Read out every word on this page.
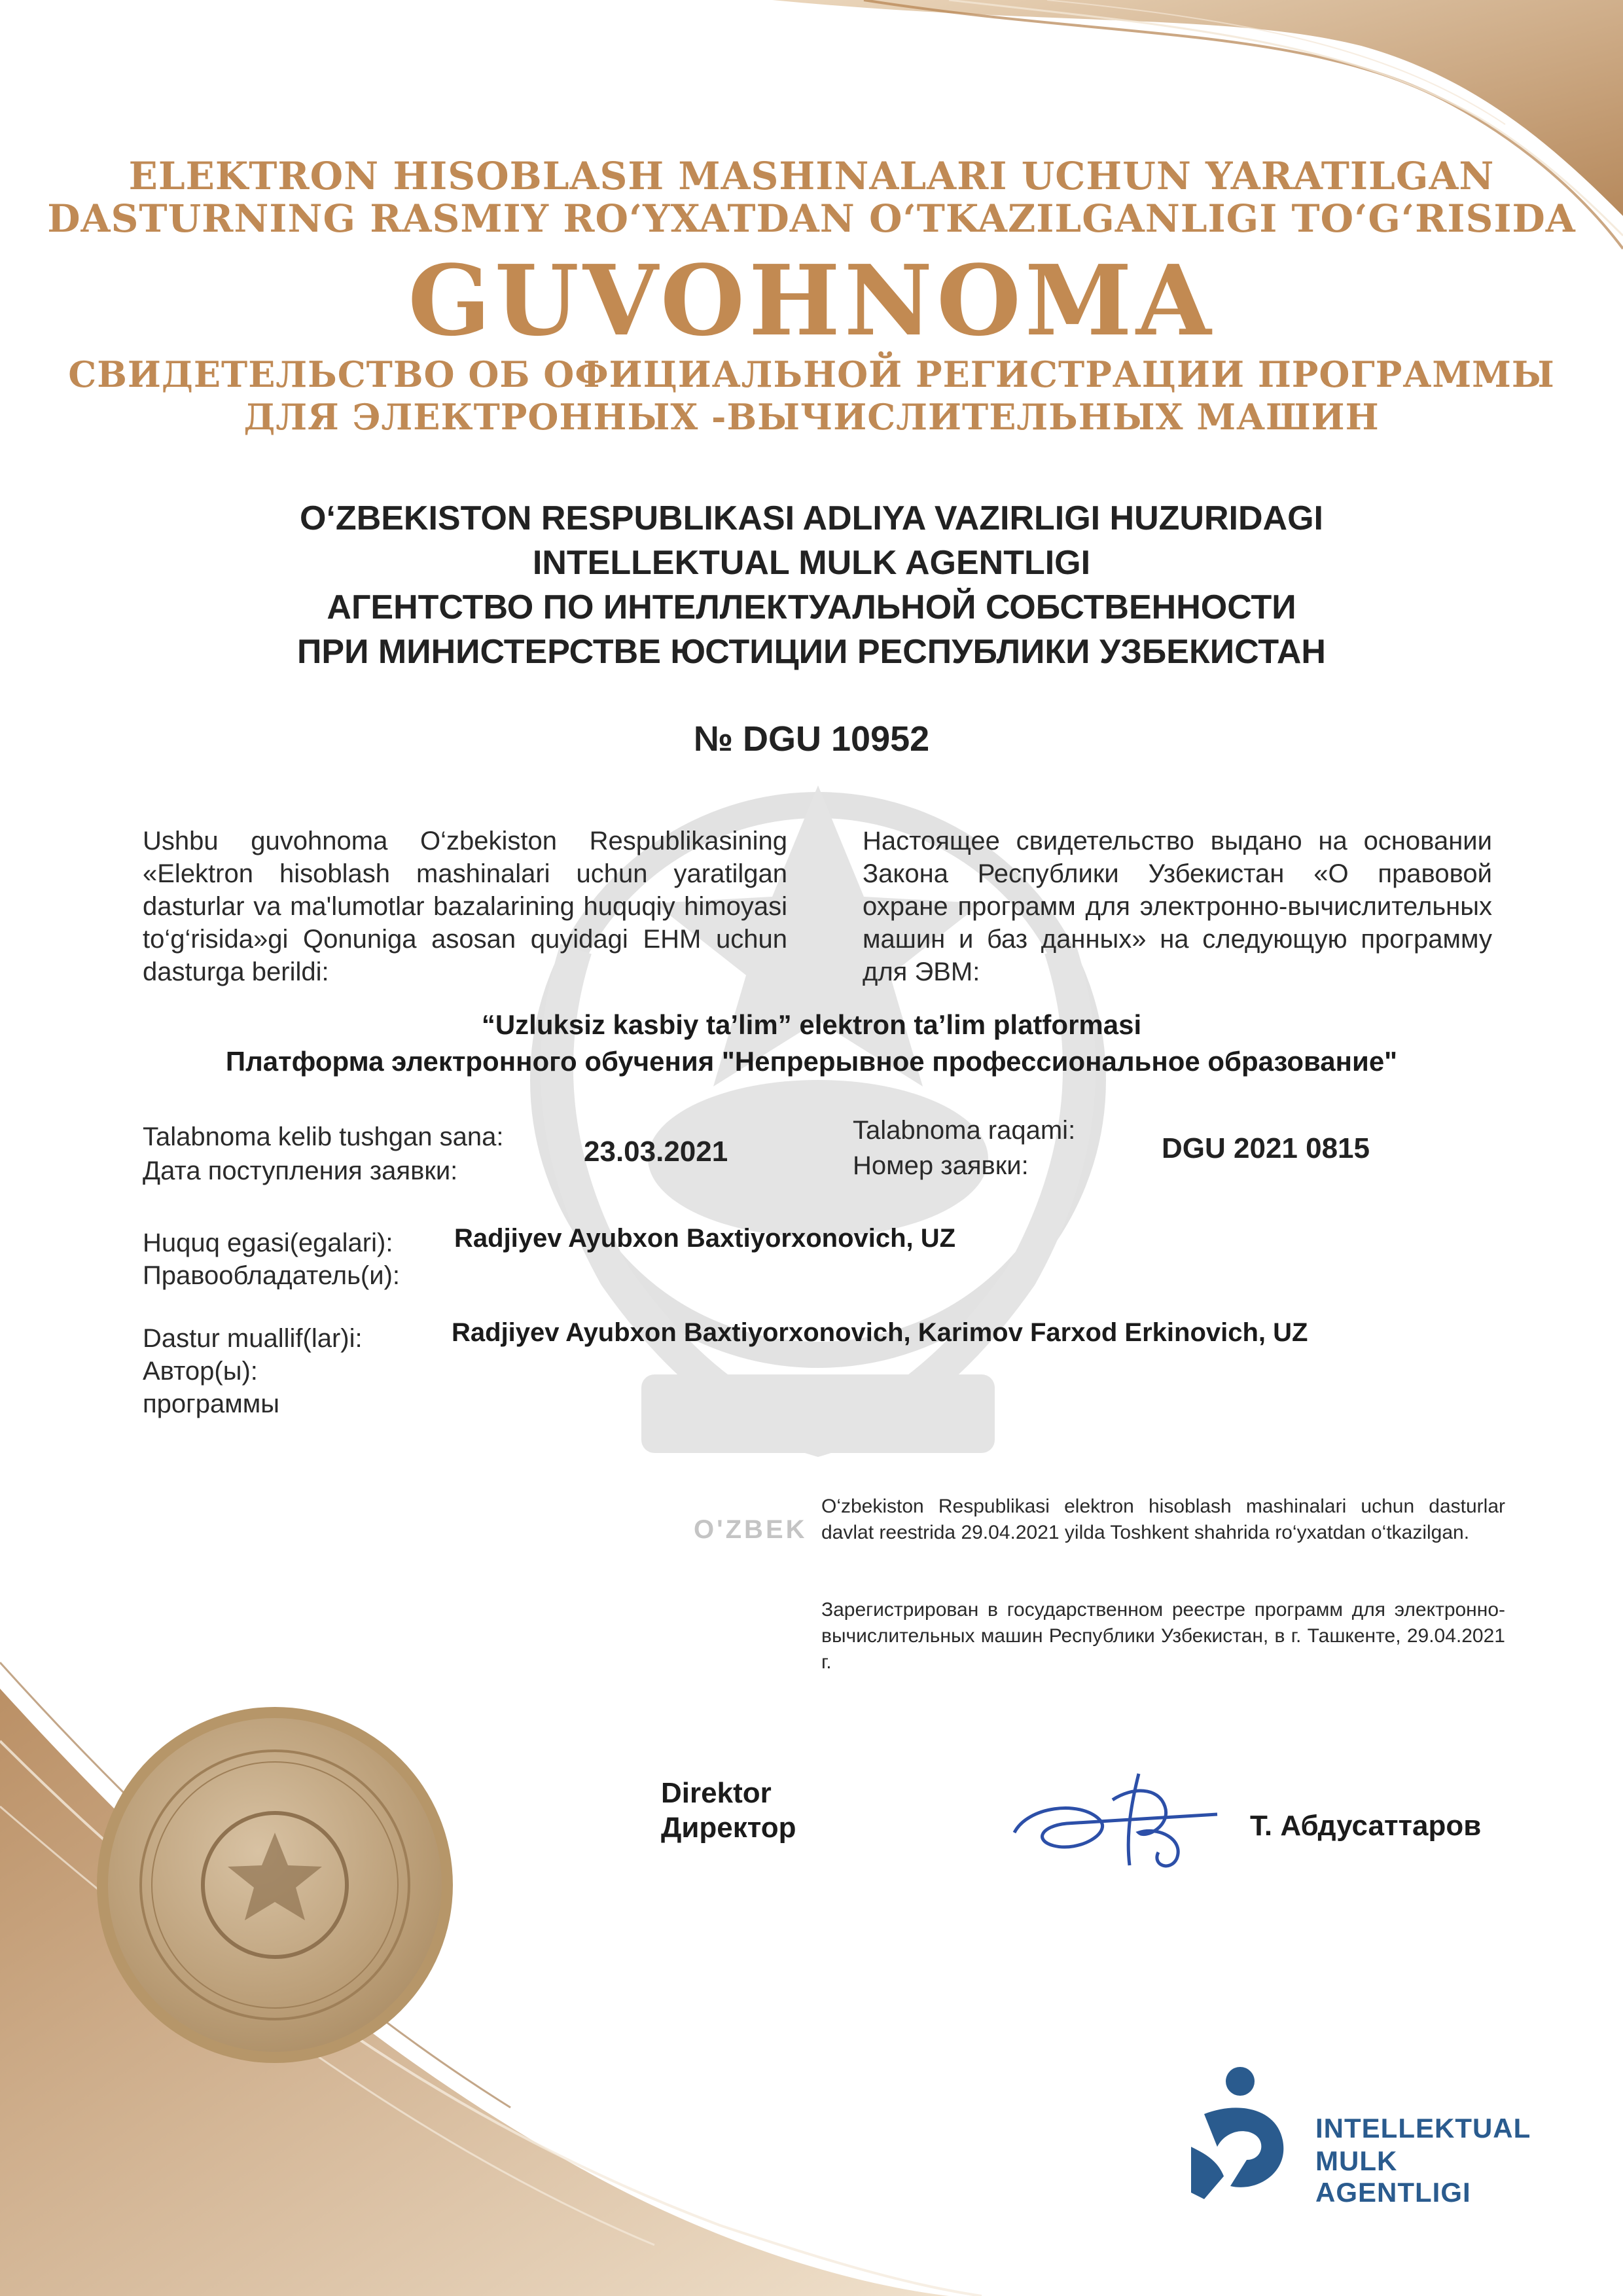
O'ZBEK
ELEKTRON HISOBLASH MASHINALARI UCHUN YARATILGAN
DASTURNING RASMIY RO‘YXATDAN O‘TKAZILGANLIGI TO‘G‘RISIDA
GUVOHNOMA
СВИДЕТЕЛЬСТВО ОБ ОФИЦИАЛЬНОЙ РЕГИСТРАЦИИ ПРОГРАММЫ
ДЛЯ ЭЛЕКТРОННЫХ -ВЫЧИСЛИТЕЛЬНЫХ МАШИН
O‘ZBEKISTON RESPUBLIKASI ADLIYA VAZIRLIGI HUZURIDAGI
INTELLEKTUAL MULK AGENTLIGI
АГЕНТСТВО ПО ИНТЕЛЛЕКТУАЛЬНОЙ СОБСТВЕННОСТИ
ПРИ МИНИСТЕРСТВЕ ЮСТИЦИИ РЕСПУБЛИКИ УЗБЕКИСТАН
№ DGU 10952
Ushbu guvohnoma O‘zbekiston Respublikasining «Elektron hisoblash mashinalari uchun yaratilgan dasturlar va ma'lumotlar bazalarining huquqiy himoyasi to‘g‘risida»gi Qonuniga asosan quyidagi EHM uchun dasturga berildi:
Настоящее свидетельство выдано на основании Закона Республики Узбекистан «О правовой охране программ для электронно-вычислительных машин и баз данных» на следующую программу для ЭВМ:
“Uzluksiz kasbiy ta’lim” elektron ta’lim platformasi
Платформа электронного обучения "Непрерывное профессиональное образование"
Talabnoma kelib tushgan sana:
Дата поступления заявки:
23.03.2021
Talabnoma raqami:
Номер заявки:
DGU 2021 0815
Huquq egasi(egalari):
Правообладатель(и):
Radjiyev Ayubxon Baxtiyorxonovich, UZ
Dastur muallif(lar)i:
Автор(ы):
программы
Radjiyev Ayubxon Baxtiyorxonovich, Karimov Farxod Erkinovich, UZ
O‘zbekiston Respublikasi elektron hisoblash mashinalari uchun dasturlar davlat reestrida 29.04.2021 yilda Toshkent shahrida ro‘yxatdan o‘tkazilgan.
Зарегистрирован в государственном реестре программ для электронно-вычислительных машин Республики Узбекистан, в г. Ташкенте, 29.04.2021 г.
Direktor
Директор	Т. Абдусаттаров
INTELLEKTUAL
MULK AGENTLIGI
